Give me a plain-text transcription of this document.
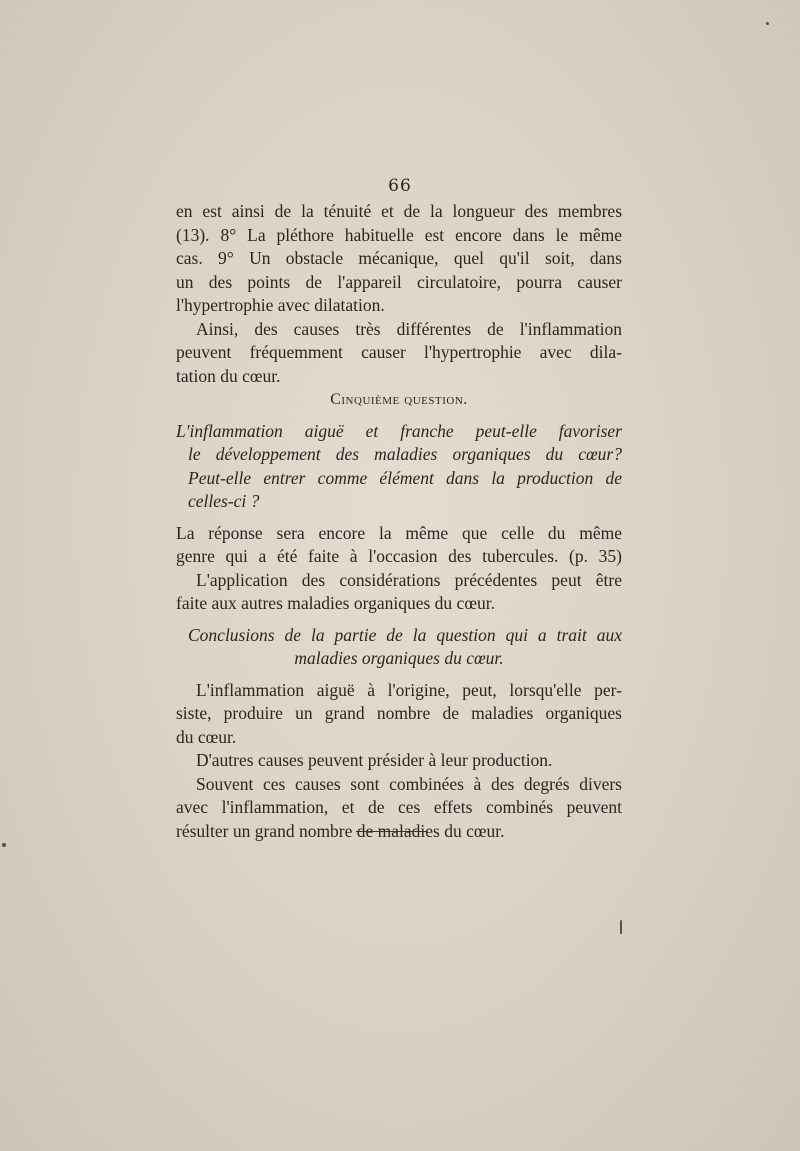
66
en est ainsi de la ténuité et de la longueur des membres
(13). 8° La pléthore habituelle est encore dans le même
cas. 9° Un obstacle mécanique, quel qu'il soit, dans
un des points de l'appareil circulatoire, pourra causer
l'hypertrophie avec dilatation.
Ainsi, des causes très différentes de l'inflammation
peuvent fréquemment causer l'hypertrophie avec dila-
tation du cœur.
Cinquième question.
L'inflammation aiguë et franche peut-elle favoriser
le développement des maladies organiques du cœur?
Peut-elle entrer comme élément dans la production de
celles-ci ?
La réponse sera encore la même que celle du même
genre qui a été faite à l'occasion des tubercules. (p. 35)
L'application des considérations précédentes peut être
faite aux autres maladies organiques du cœur.
Conclusions de la partie de la question qui a trait aux
maladies organiques du cœur.
L'inflammation aiguë à l'origine, peut, lorsqu'elle per-
siste, produire un grand nombre de maladies organiques
du cœur.
D'autres causes peuvent présider à leur production.
Souvent ces causes sont combinées à des degrés divers
avec l'inflammation, et de ces effets combinés peuvent
résulter un grand nombre de maladies du cœur.
